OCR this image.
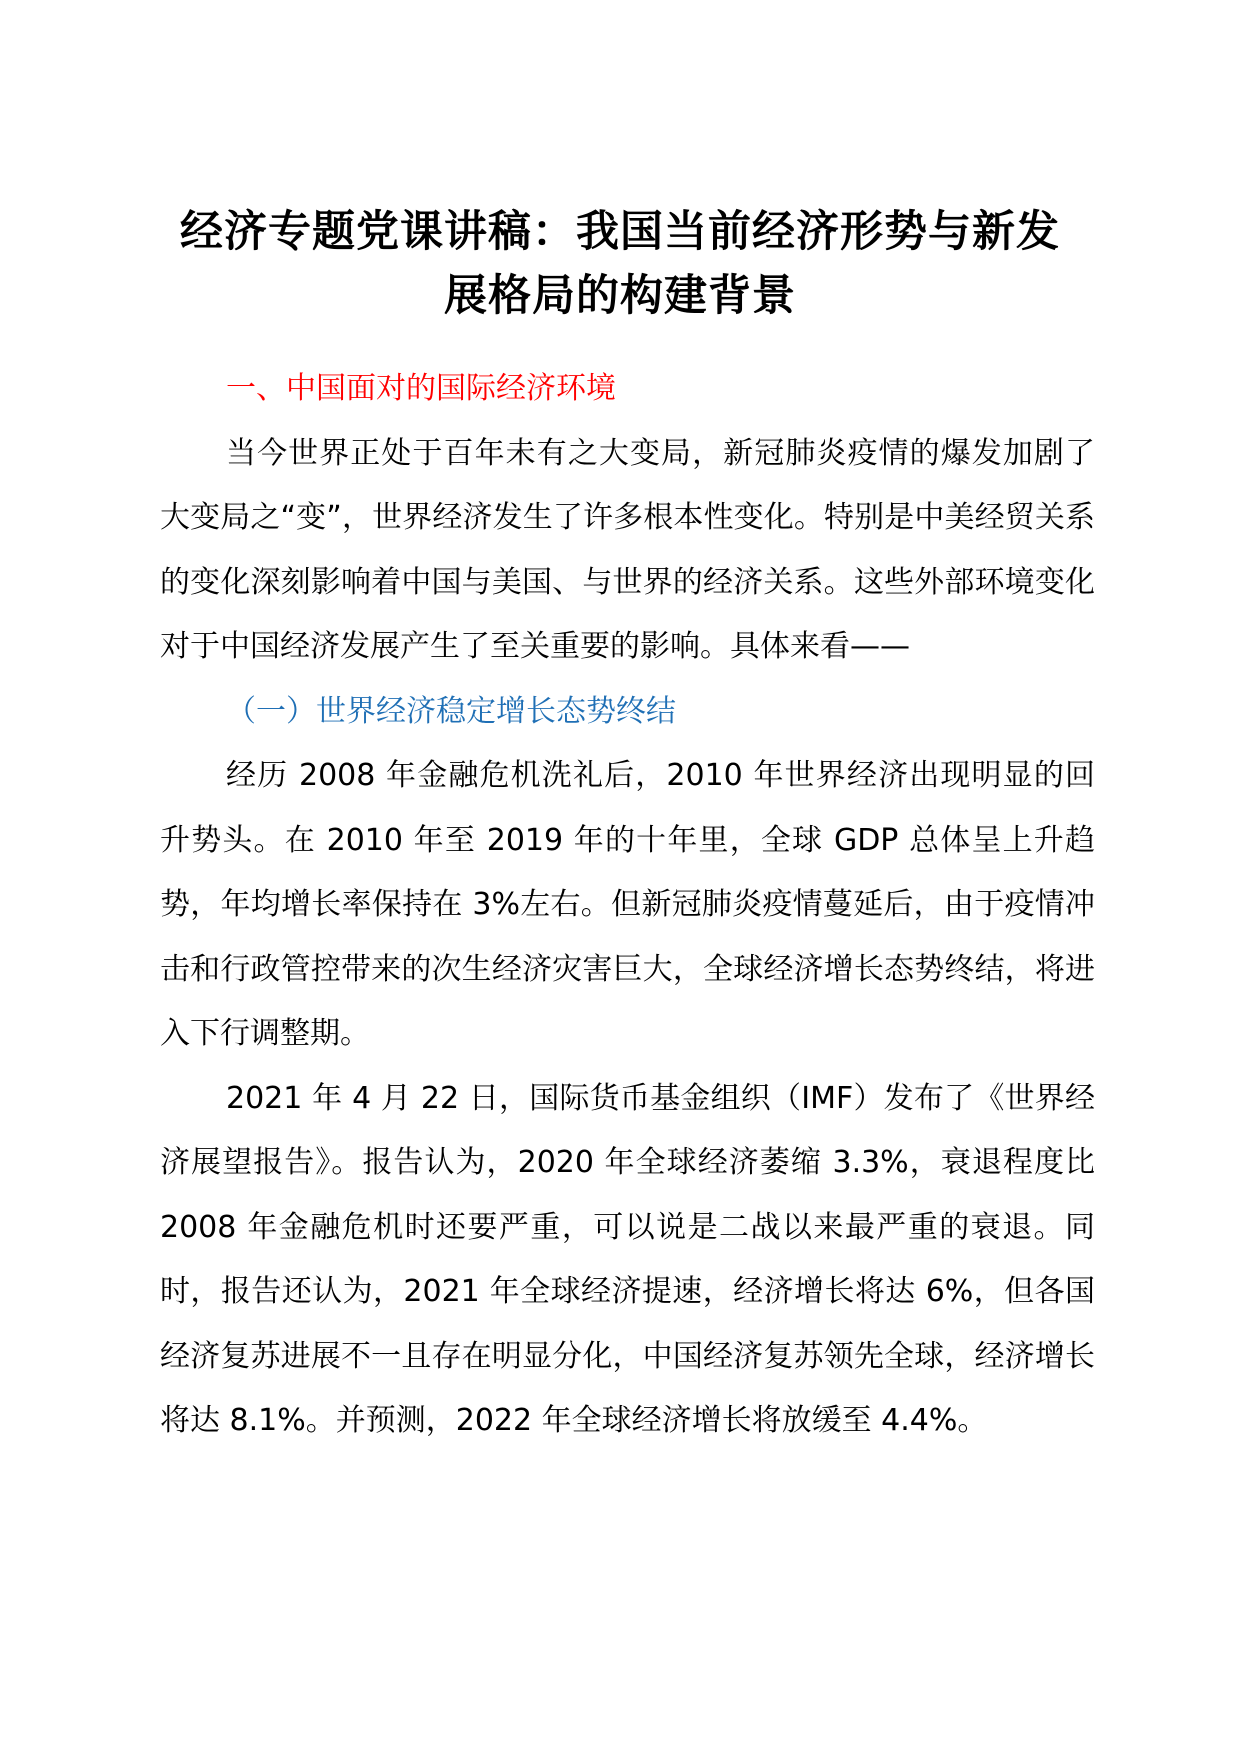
经济专题党课讲稿：我国当前经济形势与新发
展格局的构建背景
一、中国面对的国际经济环境

当今世界正处于百年未有之大变局，新冠肺炎疫情的爆发加剧了大变局之“变”，世界经济发生了许多根本性变化。特别是中美经贸关系的变化深刻影响着中国与美国、与世界的经济关系。这些外部环境变化对于中国经济发展产生了至关重要的影响。具体来看——

（一）世界经济稳定增长态势终结

经历 2008 年金融危机洗礼后，2010 年世界经济出现明显的回升势头。在 2010 年至 2019 年的十年里，全球 GDP 总体呈上升趋势，年均增长率保持在 3%左右。但新冠肺炎疫情蔓延后，由于疫情冲击和行政管控带来的次生经济灾害巨大，全球经济增长态势终结，将进入下行调整期。

2021 年 4 月 22 日，国际货币基金组织（IMF）发布了《世界经济展望报告》。报告认为，2020 年全球经济萎缩 3.3%，衰退程度比 2008 年金融危机时还要严重，可以说是二战以来最严重的衰退。同时，报告还认为，2021 年全球经济提速，经济增长将达 6%，但各国经济复苏进展不一且存在明显分化，中国经济复苏领先全球，经济增长将达 8.1%。并预测，2022 年全球经济增长将放缓至 4.4%。
